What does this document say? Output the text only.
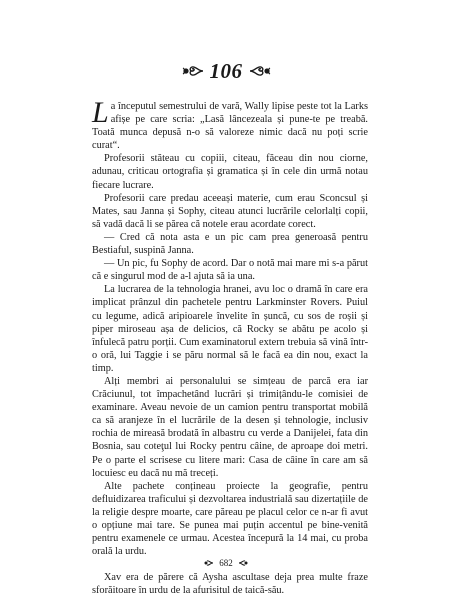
106

La începutul semestrului de vară, Wally lipise peste tot la Larks afișe pe care scria: „Lasă lâncezeala și pune-te pe treabă. Toată munca depusă n-o să valoreze nimic dacă nu poți scrie curat“.

Profesorii stăteau cu copiii, citeau, făceau din nou ciorne, adunau, criticau ortografia și gramatica și în cele din urmă notau fiecare lucrare.

Profesorii care predau aceeași materie, cum erau Sconcsul și Mates, sau Janna și Sophy, citeau atunci lucrările celorlalți copii, să vadă dacă li se părea că notele erau acordate corect.

— Cred că nota asta e un pic cam prea generoasă pentru Bestiaful, suspină Janna.

— Un pic, fu Sophy de acord. Dar o notă mai mare mi s-a părut că e singurul mod de a-l ajuta să ia una.

La lucrarea de la tehnologia hranei, avu loc o dramă în care era implicat prânzul din pachetele pentru Larkminster Rovers. Puiul cu legume, adică aripioarele învelite în șuncă, cu sos de roșii și piper miroseau așa de delicios, că Rocky se abătu pe acolo și înfulecă patru porții. Cum examinatorul extern trebuia să vină într-o oră, lui Taggie i se păru normal să le facă ea din nou, exact la timp.

Alți membri ai personalului se simțeau de parcă era iar Crăciunul, tot împachetând lucrări și trimițându-le comisiei de examinare. Aveau nevoie de un camion pentru transportat mobilă ca să aranjeze în el lucrările de la desen și tehnologie, inclusiv rochia de mireasă brodată în albastru cu verde a Danijelei, fata din Bosnia, sau coteţul lui Rocky pentru câine, de aproape doi metri. Pe o parte el scrisese cu litere mari: Casa de câine în care am să locuiesc eu dacă nu mă treceți.

Alte pachete conțineau proiecte la geografie, pentru defluidizarea traficului și dezvoltarea industrială sau dizertațiile de la religie despre moarte, care păreau pe placul celor ce n-ar fi avut o opțiune mai tare. Se punea mai puțin accentul pe bine-venită pentru examenele ce urmau. Acestea începură la 14 mai, cu proba orală la urdu.

Xav era de părere că Aysha ascultase deja prea multe fraze sforăitoare în urdu de la afurisitul de taică-său.

682
